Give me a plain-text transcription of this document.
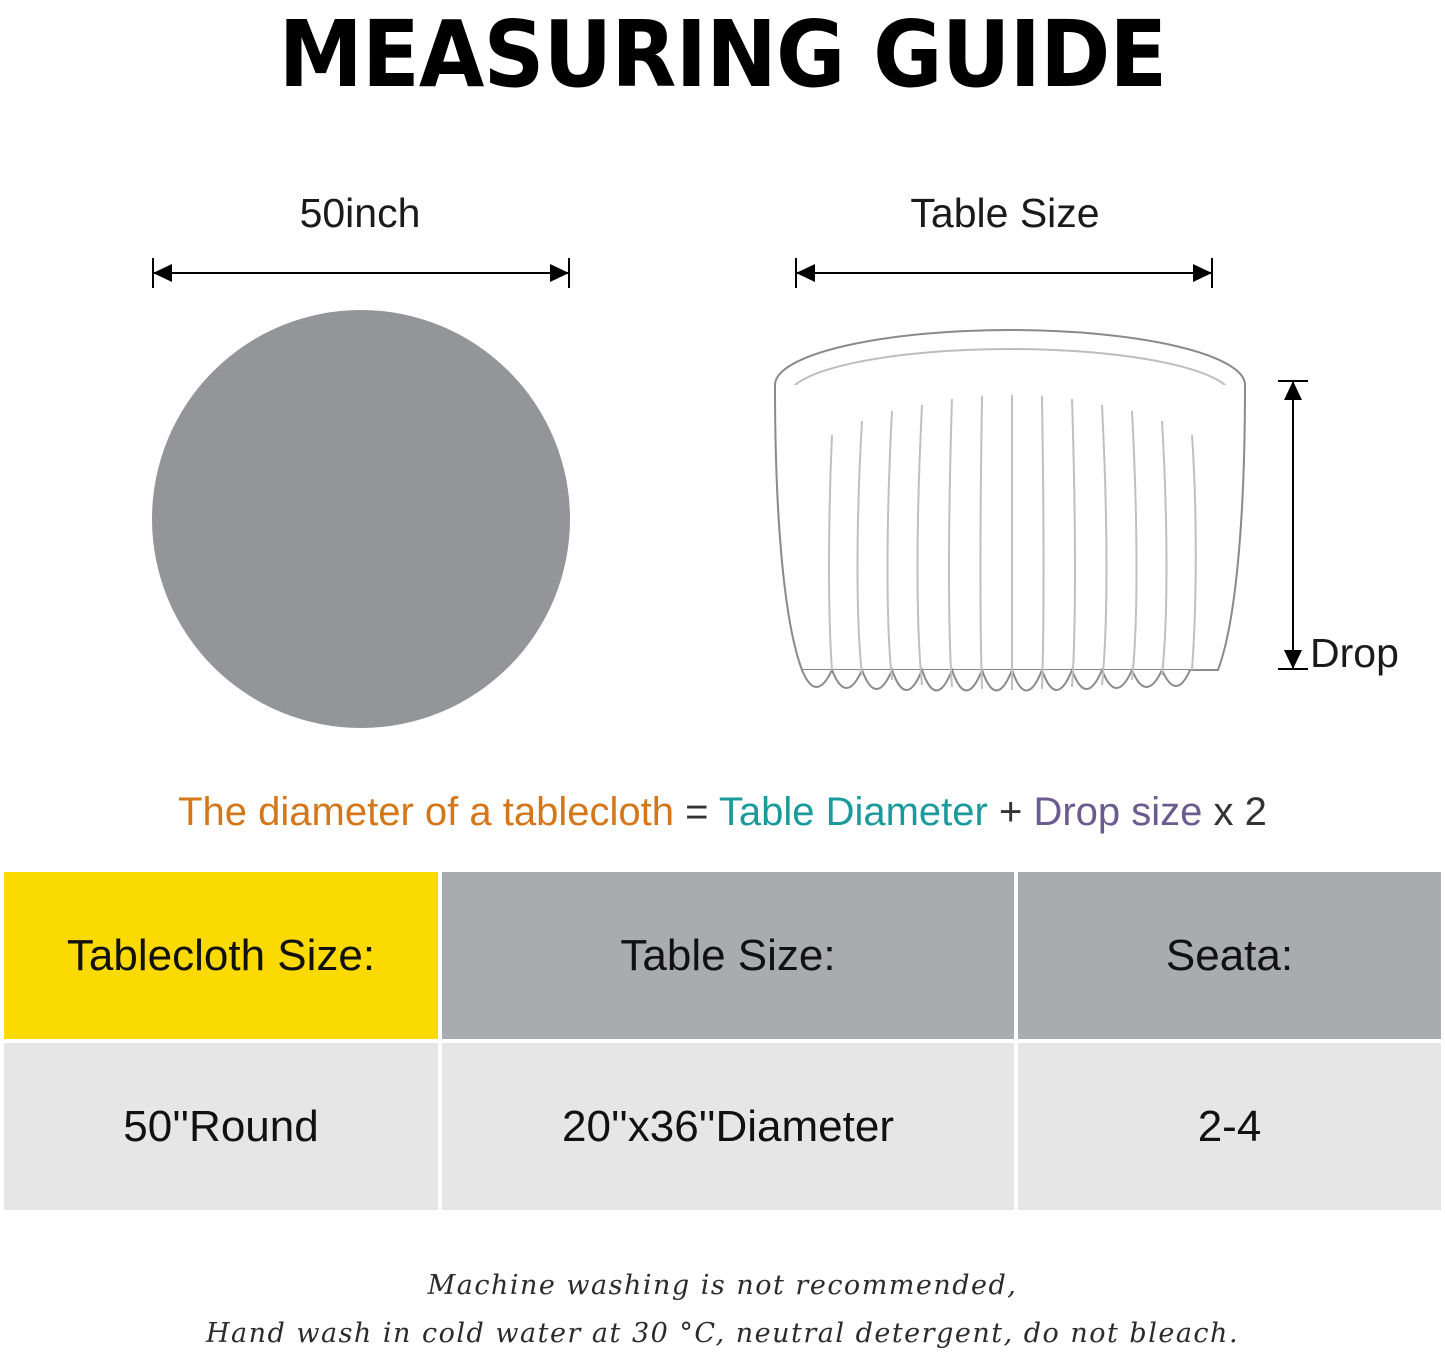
MEASURING GUIDE
50inch	Table Size
Drop
The diameter of a tablecloth = Table Diameter + Drop size x 2
Tablecloth Size:	Table Size:	Seata:
50''Round	20''x36''Diameter	2-4
Machine washing is not recommended,
Hand wash in cold water at 30 °C, neutral detergent, do not bleach.
